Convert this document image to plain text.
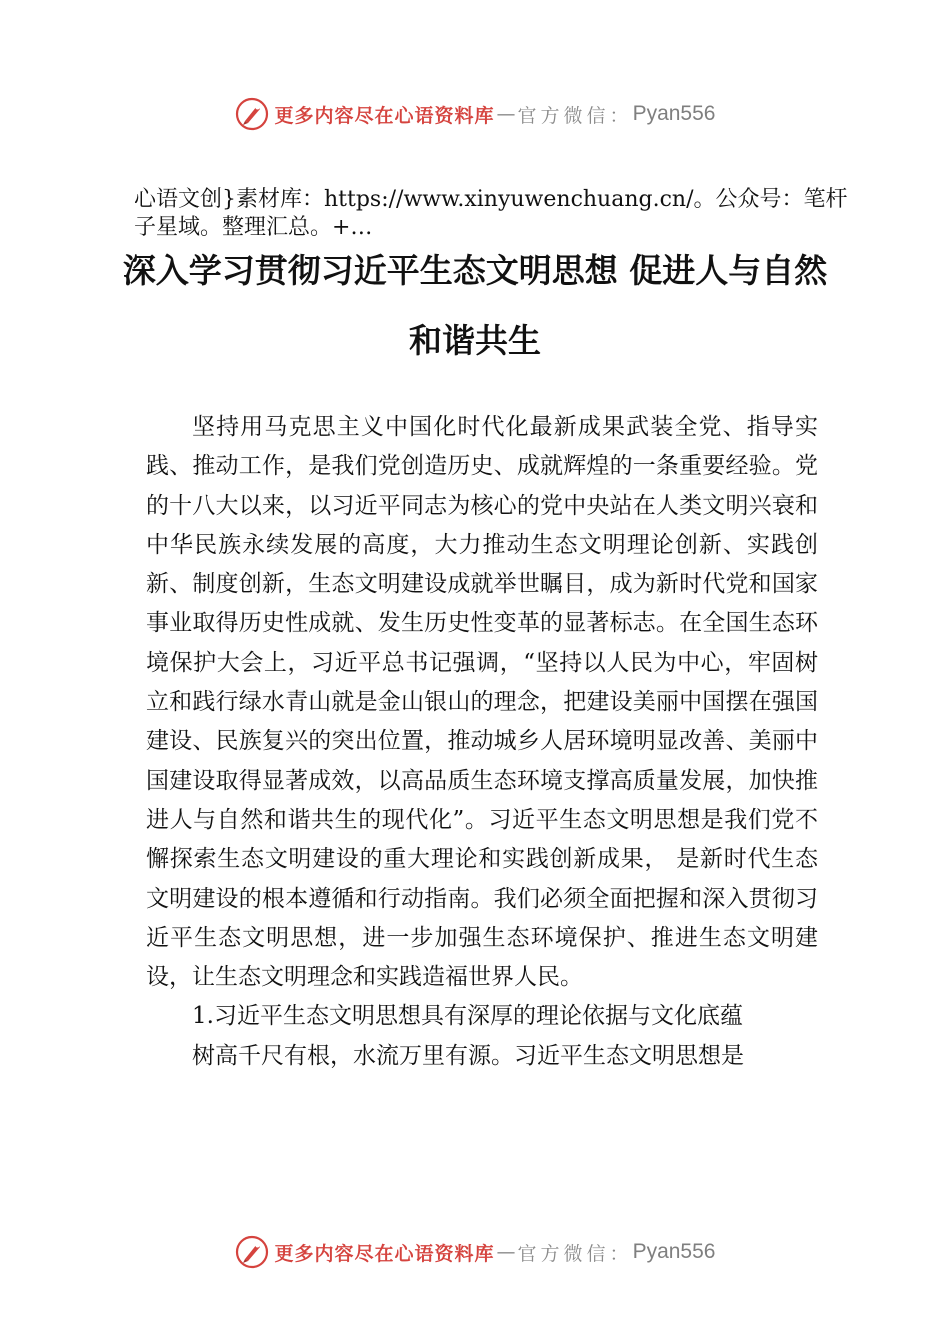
更多内容尽在心语资料库 — 官方微信： Pyan556

心语文创}素材库：https://www.xinyuwenchuang.cn/。公众号：笔杆子星域。整理汇总。+…

深入学习贯彻习近平生态文明思想 促进人与自然和谐共生

坚持用马克思主义中国化时代化最新成果武装全党、指导实践、推动工作，是我们党创造历史、成就辉煌的一条重要经验。党的十八大以来，以习近平同志为核心的党中央站在人类文明兴衰和中华民族永续发展的高度，大力推动生态文明理论创新、实践创新、制度创新，生态文明建设成就举世瞩目，成为新时代党和国家事业取得历史性成就、发生历史性变革的显著标志。在全国生态环境保护大会上，习近平总书记强调，“坚持以人民为中心，牢固树立和践行绿水青山就是金山银山的理念，把建设美丽中国摆在强国建设、民族复兴的突出位置，推动城乡人居环境明显改善、美丽中国建设取得显著成效，以高品质生态环境支撑高质量发展，加快推进人与自然和谐共生的现代化”。习近平生态文明思想是我们党不懈探索生态文明建设的重大理论和实践创新成果， 是新时代生态文明建设的根本遵循和行动指南。我们必须全面把握和深入贯彻习近平生态文明思想，进一步加强生态环境保护、推进生态文明建设，让生态文明理念和实践造福世界人民。

1.习近平生态文明思想具有深厚的理论依据与文化底蕴

树高千尺有根，水流万里有源。习近平生态文明思想是

更多内容尽在心语资料库 — 官方微信： Pyan556
